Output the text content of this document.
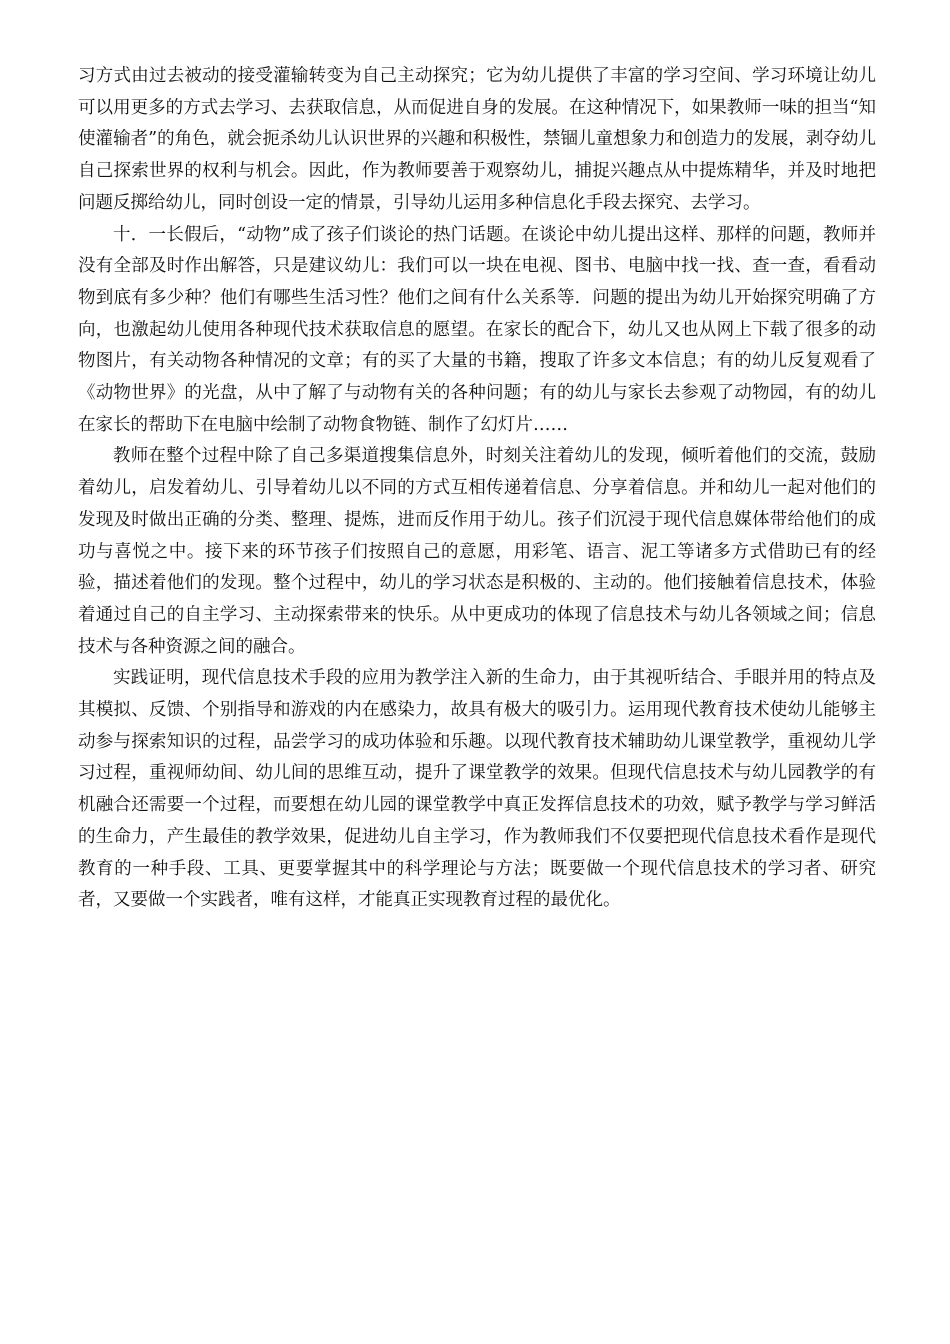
习方式由过去被动的接受灌输转变为自己主动探究；它为幼儿提供了丰富的学习空间、学习环境让幼儿可以用更多的方式去学习、去获取信息，从而促进自身的发展。在这种情况下，如果教师一味的担当“知使灌输者”的角色，就会扼杀幼儿认识世界的兴趣和积极性，禁锢儿童想象力和创造力的发展，剥夺幼儿自己探索世界的权利与机会。因此，作为教师要善于观察幼儿，捕捉兴趣点从中提炼精华，并及时地把问题反掷给幼儿，同时创设一定的情景，引导幼儿运用多种信息化手段去探究、去学习。

十．一长假后，“动物”成了孩子们谈论的热门话题。在谈论中幼儿提出这样、那样的问题，教师并没有全部及时作出解答，只是建议幼儿：我们可以一块在电视、图书、电脑中找一找、查一查，看看动物到底有多少种？他们有哪些生活习性？他们之间有什么关系等．问题的提出为幼儿开始探究明确了方向，也激起幼儿使用各种现代技术获取信息的愿望。在家长的配合下，幼儿又也从网上下载了很多的动物图片，有关动物各种情况的文章；有的买了大量的书籍，搜取了许多文本信息；有的幼儿反复观看了《动物世界》的光盘，从中了解了与动物有关的各种问题；有的幼儿与家长去参观了动物园，有的幼儿在家长的帮助下在电脑中绘制了动物食物链、制作了幻灯片……

教师在整个过程中除了自己多渠道搜集信息外，时刻关注着幼儿的发现，倾听着他们的交流，鼓励着幼儿，启发着幼儿、引导着幼儿以不同的方式互相传递着信息、分享着信息。并和幼儿一起对他们的发现及时做出正确的分类、整理、提炼，进而反作用于幼儿。孩子们沉浸于现代信息媒体带给他们的成功与喜悦之中。接下来的环节孩子们按照自己的意愿，用彩笔、语言、泥工等诸多方式借助已有的经验，描述着他们的发现。整个过程中，幼儿的学习状态是积极的、主动的。他们接触着信息技术，体验着通过自己的自主学习、主动探索带来的快乐。从中更成功的体现了信息技术与幼儿各领域之间；信息技术与各种资源之间的融合。

实践证明，现代信息技术手段的应用为教学注入新的生命力，由于其视听结合、手眼并用的特点及其模拟、反馈、个别指导和游戏的内在感染力，故具有极大的吸引力。运用现代教育技术使幼儿能够主动参与探索知识的过程，品尝学习的成功体验和乐趣。以现代教育技术辅助幼儿课堂教学，重视幼儿学习过程，重视师幼间、幼儿间的思维互动，提升了课堂教学的效果。但现代信息技术与幼儿园教学的有机融合还需要一个过程，而要想在幼儿园的课堂教学中真正发挥信息技术的功效，赋予教学与学习鲜活的生命力，产生最佳的教学效果，促进幼儿自主学习，作为教师我们不仅要把现代信息技术看作是现代教育的一种手段、工具、更要掌握其中的科学理论与方法；既要做一个现代信息技术的学习者、研究者，又要做一个实践者，唯有这样，才能真正实现教育过程的最优化。
